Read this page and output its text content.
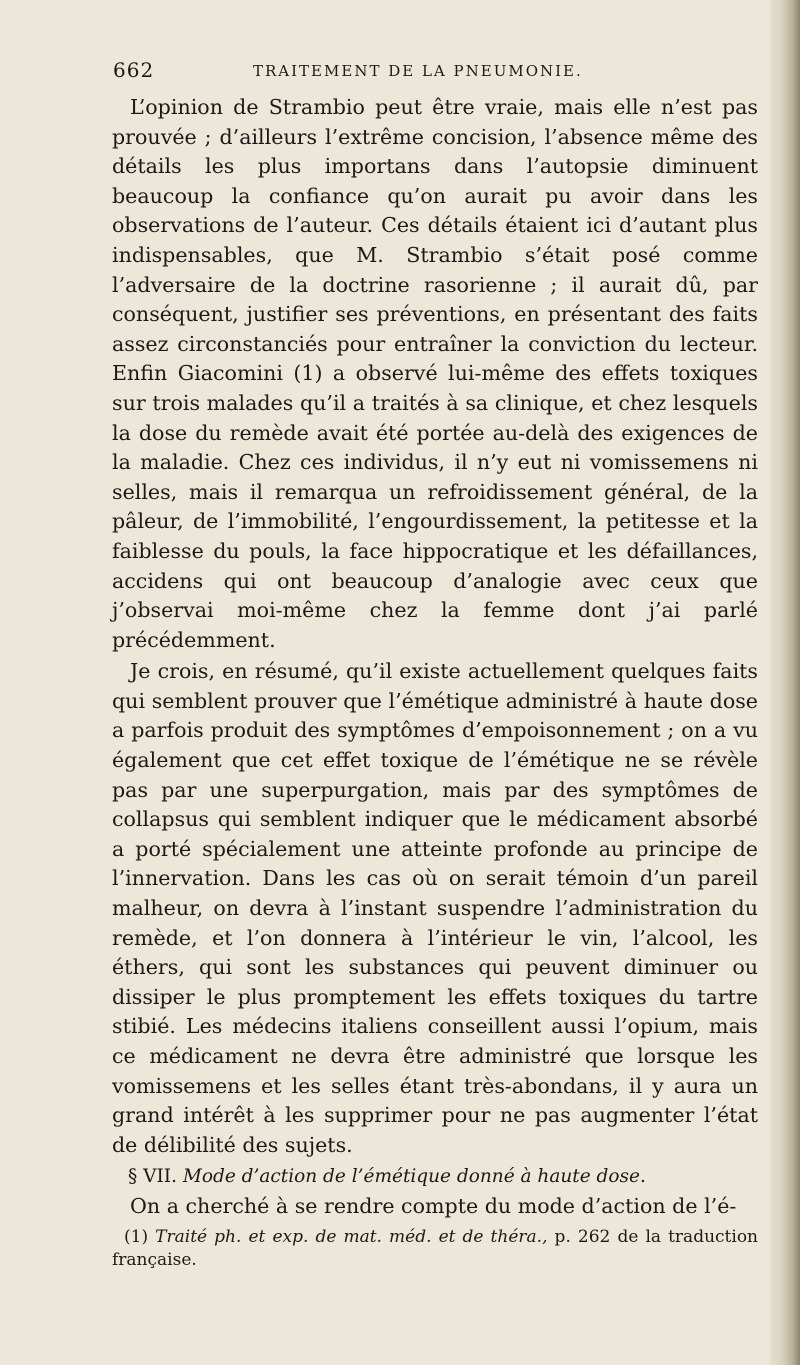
662	TRAITEMENT DE LA PNEUMONIE.

L’opinion de Strambio peut être vraie, mais elle n’est pas prouvée ; d’ailleurs l’extrême concision, l’absence même des détails les plus importans dans l’autopsie diminuent beaucoup la confiance qu’on aurait pu avoir dans les observations de l’auteur. Ces détails étaient ici d’autant plus indispensables, que M. Strambio s’était posé comme l’adversaire de la doctrine rasorienne ; il aurait dû, par conséquent, justifier ses préventions, en présentant des faits assez circonstanciés pour entraîner la conviction du lecteur. Enfin Giacomini (1) a observé lui-même des effets toxiques sur trois malades qu’il a traités à sa clinique, et chez lesquels la dose du remède avait été portée au-delà des exigences de la maladie. Chez ces individus, il n’y eut ni vomissemens ni selles, mais il remarqua un refroidissement général, de la pâleur, de l’immobilité, l’engourdissement, la petitesse et la faiblesse du pouls, la face hippocratique et les défaillances, accidens qui ont beaucoup d’analogie avec ceux que j’observai moi-même chez la femme dont j’ai parlé précédemment.

Je crois, en résumé, qu’il existe actuellement quelques faits qui semblent prouver que l’émétique administré à haute dose a parfois produit des symptômes d’empoisonnement ; on a vu également que cet effet toxique de l’émétique ne se révèle pas par une superpurgation, mais par des symptômes de collapsus qui semblent indiquer que le médicament absorbé a porté spécialement une atteinte profonde au principe de l’innervation. Dans les cas où on serait témoin d’un pareil malheur, on devra à l’instant suspendre l’administration du remède, et l’on donnera à l’intérieur le vin, l’alcool, les éthers, qui sont les substances qui peuvent diminuer ou dissiper le plus promptement les effets toxiques du tartre stibié. Les médecins italiens conseillent aussi l’opium, mais ce médicament ne devra être administré que lorsque les vomissemens et les selles étant très-abondans, il y aura un grand intérêt à les supprimer pour ne pas augmenter l’état de délibilité des sujets.

§ VII. Mode d’action de l’émétique donné à haute dose.

On a cherché à se rendre compte du mode d’action de l’é-

(1) Traité ph. et exp. de mat. méd. et de théra., p. 262 de la traduction française.
